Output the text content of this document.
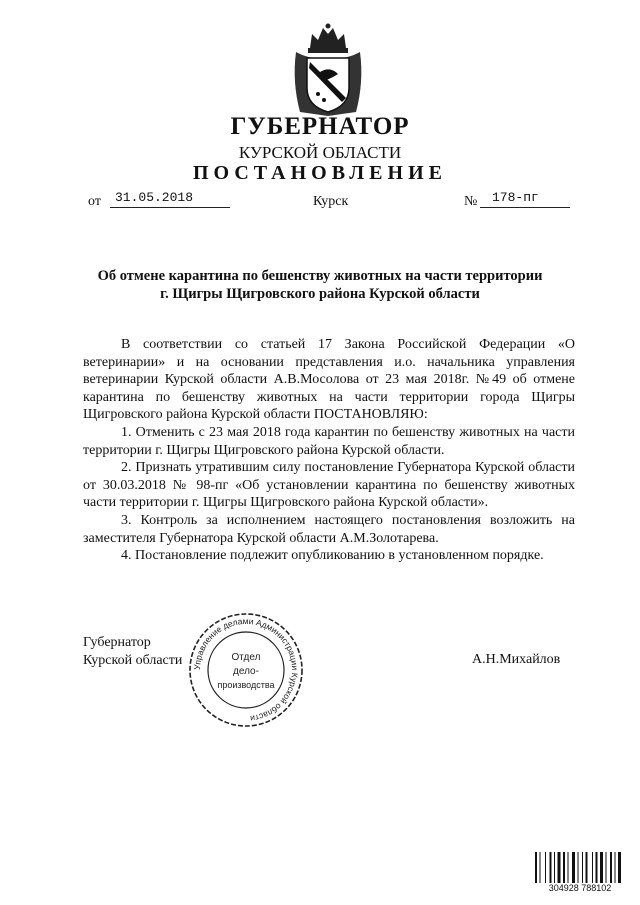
ГУБЕРНАТОР
КУРСКОЙ ОБЛАСТИ
ПОСТАНОВЛЕНИЕ
от 31.05.2018	Курск	№ 178-пг
Об отмене карантина по бешенству животных на части территории
г. Щигры Щигровского района Курской области

В соответствии со статьей 17 Закона Российской Федерации «О ветеринарии» и на основании представления и.о. начальника управления ветеринарии Курской области А.В.Мосолова от 23 мая 2018г. №49 об отмене карантина по бешенству животных на части территории города Щигры Щигровского района Курской области ПОСТАНОВЛЯЮ:

1. Отменить с 23 мая 2018 года карантин по бешенству животных на части территории г. Щигры Щигровского района Курской области.

2. Признать утратившим силу постановление Губернатора Курской области от 30.03.2018 № 98-пг «Об установлении карантина по бешенству животных части территории г. Щигры Щигровского района Курской области».

3. Контроль за исполнением настоящего постановления возложить на заместителя Губернатора Курской области А.М.Золотарева.

4. Постановление подлежит опубликованию в установленном порядке.

Губернатор
Курской области	А.Н.Михайлов
Управление делами Администрации Курской области
Отдел
дело-
производства
304928 788102
